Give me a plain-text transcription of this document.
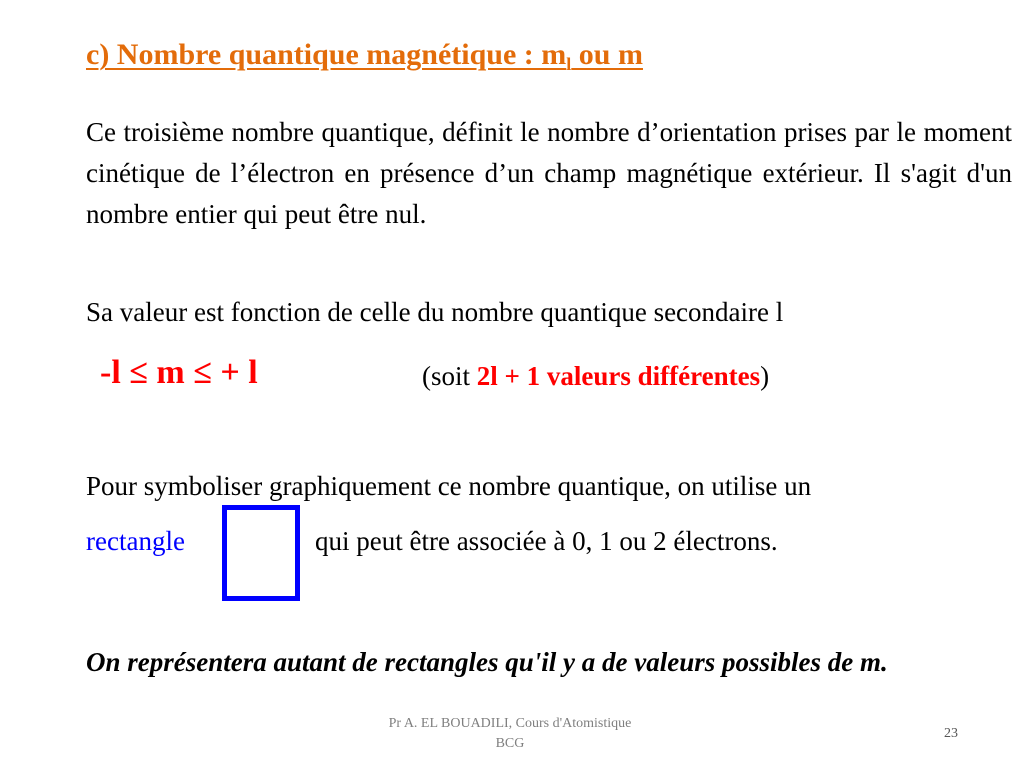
c) Nombre quantique magnétique : $m_l$ ou m
Ce troisième nombre quantique, définit le nombre d’orientation prises par le moment cinétique de l’électron en présence d’un champ magnétique extérieur. Il s'agit d'un nombre entier qui peut être nul.
Sa valeur est fonction de celle du nombre quantique secondaire l
-l ≤ m ≤ + l	(soit 2l + 1 valeurs différentes)
Pour symboliser graphiquement ce nombre quantique, on utilise un
rectangle	qui peut être associée à 0, 1 ou 2 électrons.
On représentera autant de rectangles qu'il y a de valeurs possibles de m.
Pr A. EL BOUADILI, Cours d'Atomistique
BCG
23
